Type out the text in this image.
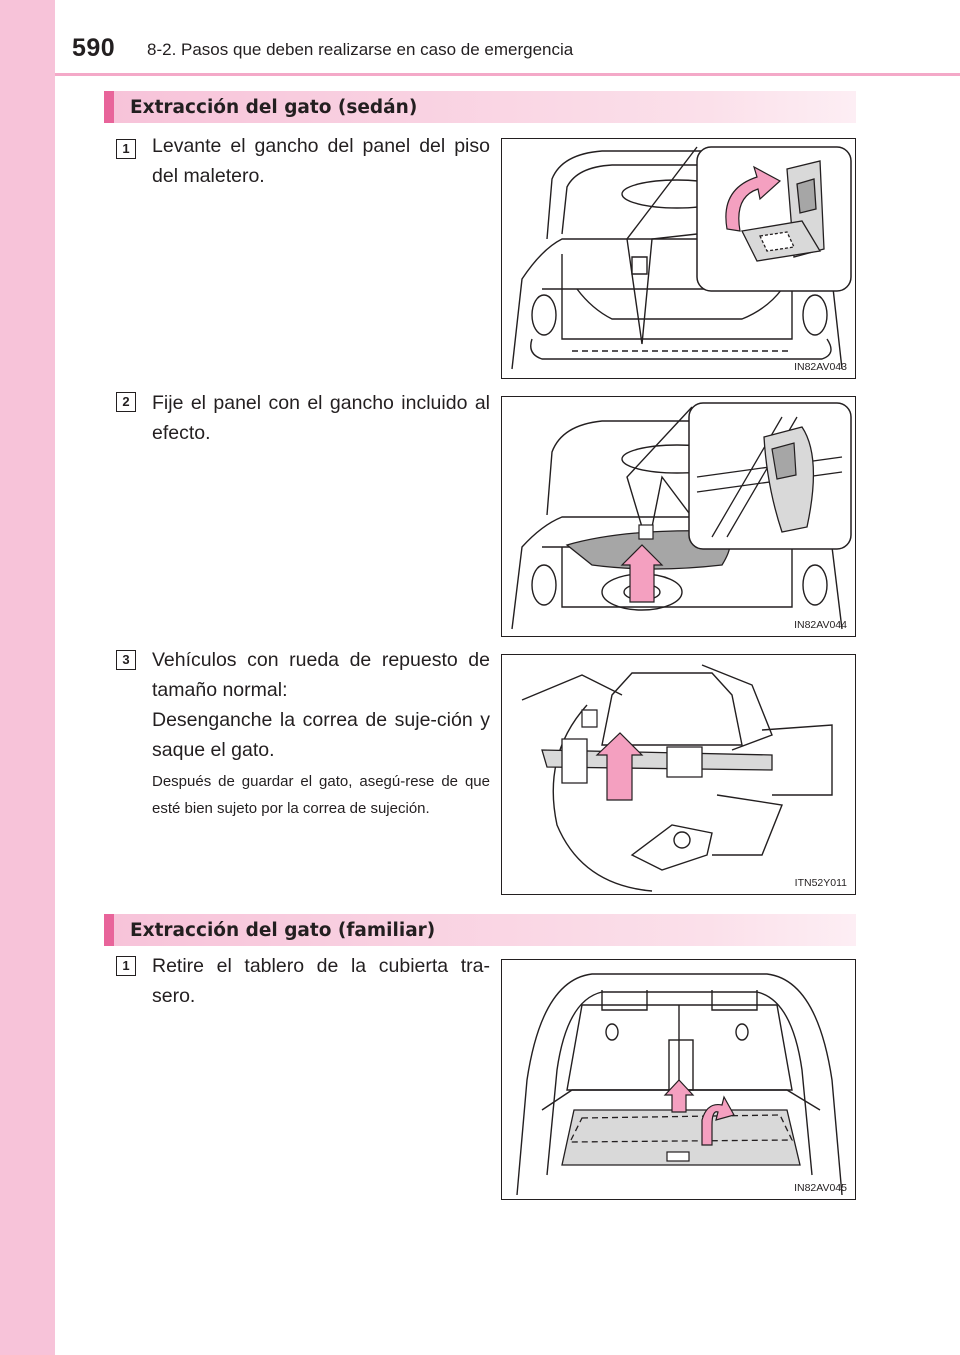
590 8-2. Pasos que deben realizarse en caso de emergencia
Extracción del gato (sedán)
1	Levante el gancho del panel del piso del maletero.

IN82AV043
2	Fije el panel con el gancho incluido al efecto.

IN82AV044
3	Vehículos con rueda de repuesto de tamaño normal:

Desenganche la correa de suje-ción y saque el gato.

Después de guardar el gato, asegú-rese de que esté bien sujeto por la correa de sujeción.
ITN52Y011
Extracción del gato (familiar)
1	Retire el tablero de la cubierta tra-sero.

IN82AV045
